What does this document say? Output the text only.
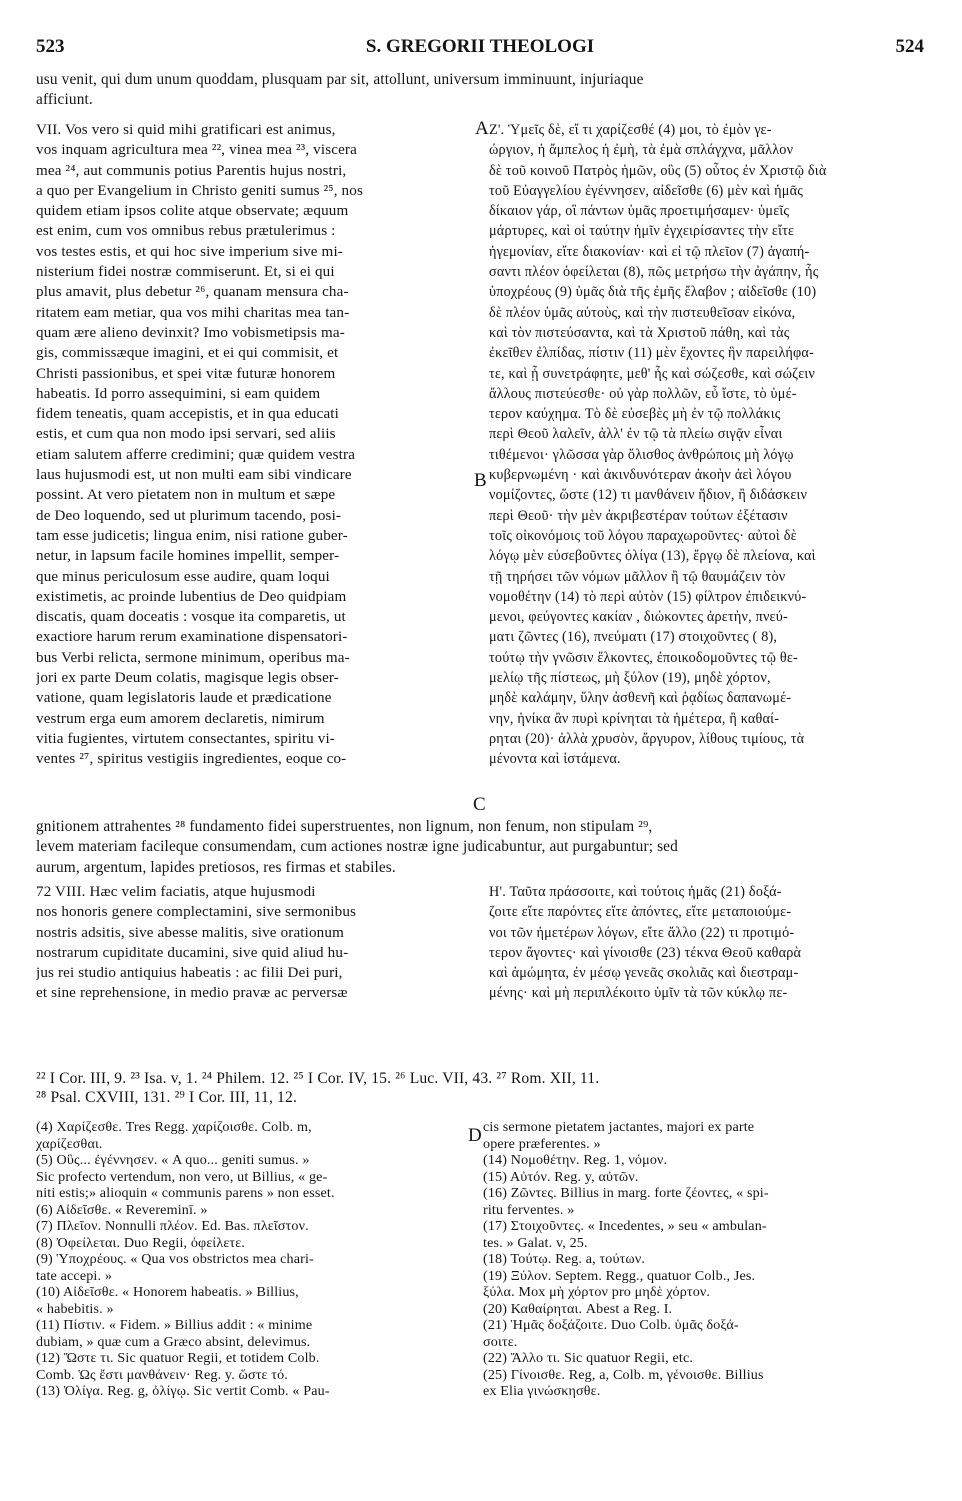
523	S. GREGORII THEOLOGI	524
usu venit, qui dum unum quoddam, plusquam par sit, attollunt, universum imminuunt, injuriaque
afficiunt.
VII. Vos vero si quid mihi gratificari est animus,
vos inquam agricultura mea ²², vinea mea ²³, viscera
mea ²⁴, aut communis potius Parentis hujus nostri,
a quo per Evangelium in Christo geniti sumus ²⁵, nos
quidem etiam ipsos colite atque observate; æquum
est enim, cum vos omnibus rebus prætulerimus :
vos testes estis, et qui hoc sive imperium sive mi-
nisterium fidei nostræ commiserunt. Et, si ei qui
plus amavit, plus debetur ²⁶, quanam mensura cha-
ritatem eam metiar, qua vos mihi charitas mea tan-
quam ære alieno devinxit? Imo vobismetipsis ma-
gis, commissæque imagini, et ei qui commisit, et
Christi passionibus, et spei vitæ futuræ honorem
habeatis. Id porro assequimini, si eam quidem
fidem teneatis, quam accepistis, et in qua educati
estis, et cum qua non modo ipsi servari, sed aliis
etiam salutem afferre credimini; quæ quidem vestra
laus hujusmodi est, ut non multi eam sibi vindicare
possint. At vero pietatem non in multum et sæpe
de Deo loquendo, sed ut plurimum tacendo, posi-
tam esse judicetis; lingua enim, nisi ratione guber-
netur, in lapsum facile homines impellit, semper-
que minus periculosum esse audire, quam loqui
existimetis, ac proinde lubentius de Deo quidpiam
discatis, quam doceatis : vosque ita comparetis, ut
exactiore harum rerum examinatione dispensatori-
bus Verbi relicta, sermone minimum, operibus ma-
jori ex parte Deum colatis, magisque legis obser-
vatione, quam legislatoris laude et prædicatione
vestrum erga eum amorem declaretis, nimirum
vitia fugientes, virtutem consectantes, spiritu vi-
ventes ²⁷, spiritus vestigiis ingredientes, eoque co-
Ζ'. Ὑμεῖς δὲ, εἴ τι χαρίζεσθέ (4) μοι, τὸ ἐμὸν γε-
ώργιον, ἡ ἄμπελος ἡ ἐμὴ, τὰ ἐμὰ σπλάγχνα, μᾶλλον
δὲ τοῦ κοινοῦ Πατρὸς ἡμῶν, οὓς (5) οὗτος ἐν Χριστῷ διὰ
τοῦ Εὐαγγελίου ἐγέννησεν, αἰδεῖσθε (6) μὲν καὶ ἡμᾶς
δίκαιον γάρ, οἳ πάντων ὑμᾶς προετιμήσαμεν· ὑμεῖς
μάρτυρες, καὶ οἱ ταύτην ἡμῖν ἐγχειρίσαντες τὴν εἴτε
ἡγεμονίαν, εἴτε διακονίαν· καὶ εἰ τῷ πλεῖον (7) ἀγαπή-
σαντι πλέον ὀφείλεται (8), πῶς μετρήσω τὴν ἀγάπην, ἧς
ὑποχρέους (9) ὑμᾶς διὰ τῆς ἐμῆς ἔλαβον ; αἰδεῖσθε (10)
δὲ πλέον ὑμᾶς αὐτοὺς, καὶ τὴν πιστευθεῖσαν εἰκόνα,
καὶ τὸν πιστεύσαντα, καὶ τὰ Χριστοῦ πάθη, καὶ τὰς
ἐκεῖθεν ἐλπίδας, πίστιν (11) μὲν ἔχοντες ἣν παρειλήφα-
τε, καὶ ᾗ συνετράφητε, μεθ' ἧς καὶ σώζεσθε, καὶ σώζειν
ἄλλους πιστεύεσθε· οὐ γὰρ πολλῶν, εὖ ἴστε, τὸ ὑμέ-
τερον καύχημα. Τὸ δὲ εὐσεβὲς μὴ ἐν τῷ πολλάκις
περὶ Θεοῦ λαλεῖν, ἀλλ' ἐν τῷ τὰ πλείω σιγᾷν εἶναι
τιθέμενοι· γλῶσσα γὰρ ὄλισθος ἀνθρώποις μὴ λόγῳ
κυβερνωμένη · καὶ ἀκινδυνότεραν ἀκοὴν ἀεὶ λόγου
νομίζοντες, ὥστε (12) τι μανθάνειν ἥδιον, ἢ διδάσκειν
περὶ Θεοῦ· τὴν μὲν ἀκριβεστέραν τούτων ἐξέτασιν
τοῖς οἰκονόμοις τοῦ λόγου παραχωροῦντες· αὐτοὶ δὲ
λόγῳ μὲν εὐσεβοῦντες ὀλίγα (13), ἔργῳ δὲ πλείονα, καὶ
τῇ τηρήσει τῶν νόμων μᾶλλον ἢ τῷ θαυμάζειν τὸν
νομοθέτην (14) τὸ περὶ αὐτὸν (15) φίλτρον ἐπιδεικνύ-
μενοι, φεύγοντες κακίαν , διώκοντες ἀρετὴν, πνεύ-
ματι ζῶντες (16), πνεύματι (17) στοιχοῦντες ( 8),
τούτῳ τὴν γνῶσιν ἕλκοντες, ἐποικοδομοῦντες τῷ θε-
μελίῳ τῆς πίστεως, μὴ ξύλον (19), μηδὲ χόρτον,
μηδὲ καλάμην, ὕλην ἀσθενῆ καὶ ῥᾳδίως δαπανωμέ-
νην, ἡνίκα ἂν πυρὶ κρίνηται τὰ ἡμέτερα, ἢ καθαί-
ρηται (20)· ἀλλὰ χρυσὸν, ἄργυρον, λίθους τιμίους, τὰ
μένοντα καὶ ἱστάμενα.
A
B
C
D
gnitionem attrahentes ²⁸ fundamento fidei superstruentes, non lignum, non fenum, non stipulam ²⁹,
levem materiam facileque consumendam, cum actiones nostræ igne judicabuntur, aut purgabuntur; sed
aurum, argentum, lapides pretiosos, res firmas et stabiles.
72 VIII. Hæc velim faciatis, atque hujusmodi
nos honoris genere complectamini, sive sermonibus
nostris adsitis, sive abesse malitis, sive orationum
nostrarum cupiditate ducamini, sive quid aliud hu-
jus rei studio antiquius habeatis : ac filii Dei puri,
et sine reprehensione, in medio pravæ ac perversæ
Η'. Ταῦτα πράσσοιτε, καὶ τούτοις ἡμᾶς (21) δοξά-
ζοιτε εἴτε παρόντες εἴτε ἀπόντες, εἴτε μεταποιούμε-
νοι τῶν ἡμετέρων λόγων, εἴτε ἄλλο (22) τι προτιμό-
τερον ἄγοντες· καὶ γίνοισθε (23) τέκνα Θεοῦ καθαρὰ
καὶ ἀμώμητα, ἐν μέσῳ γενεᾶς σκολιᾶς καὶ διεστραμ-
μένης· καὶ μὴ περιπλέκοιτο ὑμῖν τὰ τῶν κύκλῳ πε-
²² I Cor. III, 9. ²³ Isa. v, 1. ²⁴ Philem. 12. ²⁵ I Cor. IV, 15. ²⁶ Luc. VII, 43. ²⁷ Rom. XII, 11.
²⁸ Psal. CXVIII, 131. ²⁹ I Cor. III, 11, 12.
(4) Χαρίζεσθε. Tres Regg. χαρίζοισθε. Colb. m,
χαρίζεσθαι.
(5) Οὓς... ἐγέννησεν. « A quo... geniti sumus. »
Sic profecto vertendum, non vero, ut Billius, « ge-
niti estis;» alioquin « communis parens » non esset.
(6) Αἰδεῖσθε. « Revereminī. »
(7) Πλεῖον. Nonnulli πλέον. Ed. Bas. πλεῖστον.
(8) Ὀφείλεται. Duo Regii, ὀφείλετε.
(9) Ὑποχρέους. « Qua vos obstrictos mea chari-
tate accepi. »
(10) Αἰδεῖσθε. « Honorem habeatis. » Billius,
« habebitis. »
(11) Πίστιν. « Fidem. » Billius addit : « minime
dubiam, » quæ cum a Græco absint, delevimus.
(12) Ὥστε τι. Sic quatuor Regii, et totidem Colb.
Comb. Ὡς ἔστι μανθάνειν· Reg. y. ὥστε τό.
(13) Ὀλίγα. Reg. g, ὀλίγῳ. Sic vertit Comb. « Pau-
cis sermone pietatem jactantes, majori ex parte
opere præferentes. »
(14) Νομοθέτην. Reg. 1, νόμον.
(15) Αὐτόν. Reg. y, αὐτῶν.
(16) Ζῶντες. Billius in marg. forte ζέοντες, « spi-
ritu ferventes. »
(17) Στοιχοῦντες. « Incedentes, » seu « ambulan-
tes. » Galat. v, 25.
(18) Τούτῳ. Reg. a, τούτων.
(19) Ξύλον. Septem. Regg., quatuor Colb., Jes.
ξύλα. Mox μὴ χόρτον pro μηδὲ χόρτον.
(20) Καθαίρηται. Abest a Reg. I.
(21) Ἡμᾶς δοξάζοιτε. Duo Colb. ὑμᾶς δοξά-
σοιτε.
(22) Ἄλλο τι. Sic quatuor Regii, etc.
(25) Γίνοισθε. Reg, a, Colb. m, γένοισθε. Billius
ex Elia γινώσκησθε.
